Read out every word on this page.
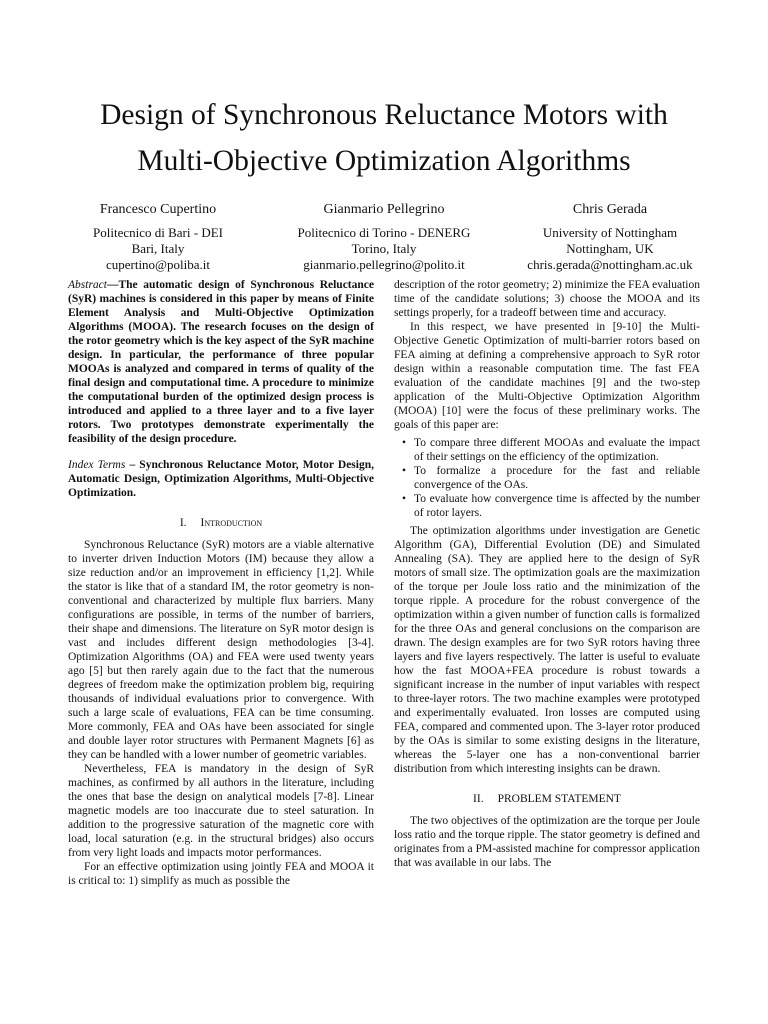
Design of Synchronous Reluctance Motors with
Multi-Objective Optimization Algorithms
Francesco Cupertino
Politecnico di Bari - DEI
Bari, Italy
cupertino@poliba.it
Gianmario Pellegrino
Politecnico di Torino - DENERG
Torino, Italy
gianmario.pellegrino@polito.it
Chris Gerada
University of Nottingham
Nottingham, UK
chris.gerada@nottingham.ac.uk

Abstract—The automatic design of Synchronous Reluctance (SyR) machines is considered in this paper by means of Finite Element Analysis and Multi-Objective Optimization Algorithms (MOOA). The research focuses on the design of the rotor geometry which is the key aspect of the SyR machine design. In particular, the performance of three popular MOOAs is analyzed and compared in terms of quality of the final design and computational time. A procedure to minimize the computational burden of the optimized design process is introduced and applied to a three layer and to a five layer rotors. Two prototypes demonstrate experimentally the feasibility of the design procedure.

Index Terms – Synchronous Reluctance Motor, Motor Design, Automatic Design, Optimization Algorithms, Multi-Objective Optimization.

I. Introduction

Synchronous Reluctance (SyR) motors are a viable alternative to inverter driven Induction Motors (IM) because they allow a size reduction and/or an improvement in efficiency [1,2]. While the stator is like that of a standard IM, the rotor geometry is non-conventional and characterized by multiple flux barriers. Many configurations are possible, in terms of the number of barriers, their shape and dimensions. The literature on SyR motor design is vast and includes different design methodologies [3-4]. Optimization Algorithms (OA) and FEA were used twenty years ago [5] but then rarely again due to the fact that the numerous degrees of freedom make the optimization problem big, requiring thousands of individual evaluations prior to convergence. With such a large scale of evaluations, FEA can be time consuming. More commonly, FEA and OAs have been associated for single and double layer rotor structures with Permanent Magnets [6] as they can be handled with a lower number of geometric variables.

Nevertheless, FEA is mandatory in the design of SyR machines, as confirmed by all authors in the literature, including the ones that base the design on analytical models [7-8]. Linear magnetic models are too inaccurate due to steel saturation. In addition to the progressive saturation of the magnetic core with load, local saturation (e.g. in the structural bridges) also occurs from very light loads and impacts motor performances.

For an effective optimization using jointly FEA and MOOA it is critical to: 1) simplify as much as possible the

description of the rotor geometry; 2) minimize the FEA evaluation time of the candidate solutions; 3) choose the MOOA and its settings properly, for a tradeoff between time and accuracy.

In this respect, we have presented in [9-10] the Multi-Objective Genetic Optimization of multi-barrier rotors based on FEA aiming at defining a comprehensive approach to SyR rotor design within a reasonable computation time. The fast FEA evaluation of the candidate machines [9] and the two-step application of the Multi-Objective Optimization Algorithm (MOOA) [10] were the focus of these preliminary works. The goals of this paper are:

• To compare three different MOOAs and evaluate the impact of their settings on the efficiency of the optimization.
• To formalize a procedure for the fast and reliable convergence of the OAs.
• To evaluate how convergence time is affected by the number of rotor layers.

The optimization algorithms under investigation are Genetic Algorithm (GA), Differential Evolution (DE) and Simulated Annealing (SA). They are applied here to the design of SyR motors of small size. The optimization goals are the maximization of the torque per Joule loss ratio and the minimization of the torque ripple. A procedure for the robust convergence of the optimization within a given number of function calls is formalized for the three OAs and general conclusions on the comparison are drawn. The design examples are for two SyR rotors having three layers and five layers respectively. The latter is useful to evaluate how the fast MOOA+FEA procedure is robust towards a significant increase in the number of input variables with respect to three-layer rotors. The two machine examples were prototyped and experimentally evaluated. Iron losses are computed using FEA, compared and commented upon. The 3-layer rotor produced by the OAs is similar to some existing designs in the literature, whereas the 5-layer one has a non-conventional barrier distribution from which interesting insights can be drawn.

II. PROBLEM STATEMENT

The two objectives of the optimization are the torque per Joule loss ratio and the torque ripple. The stator geometry is defined and originates from a PM-assisted machine for compressor application that was available in our labs. The
